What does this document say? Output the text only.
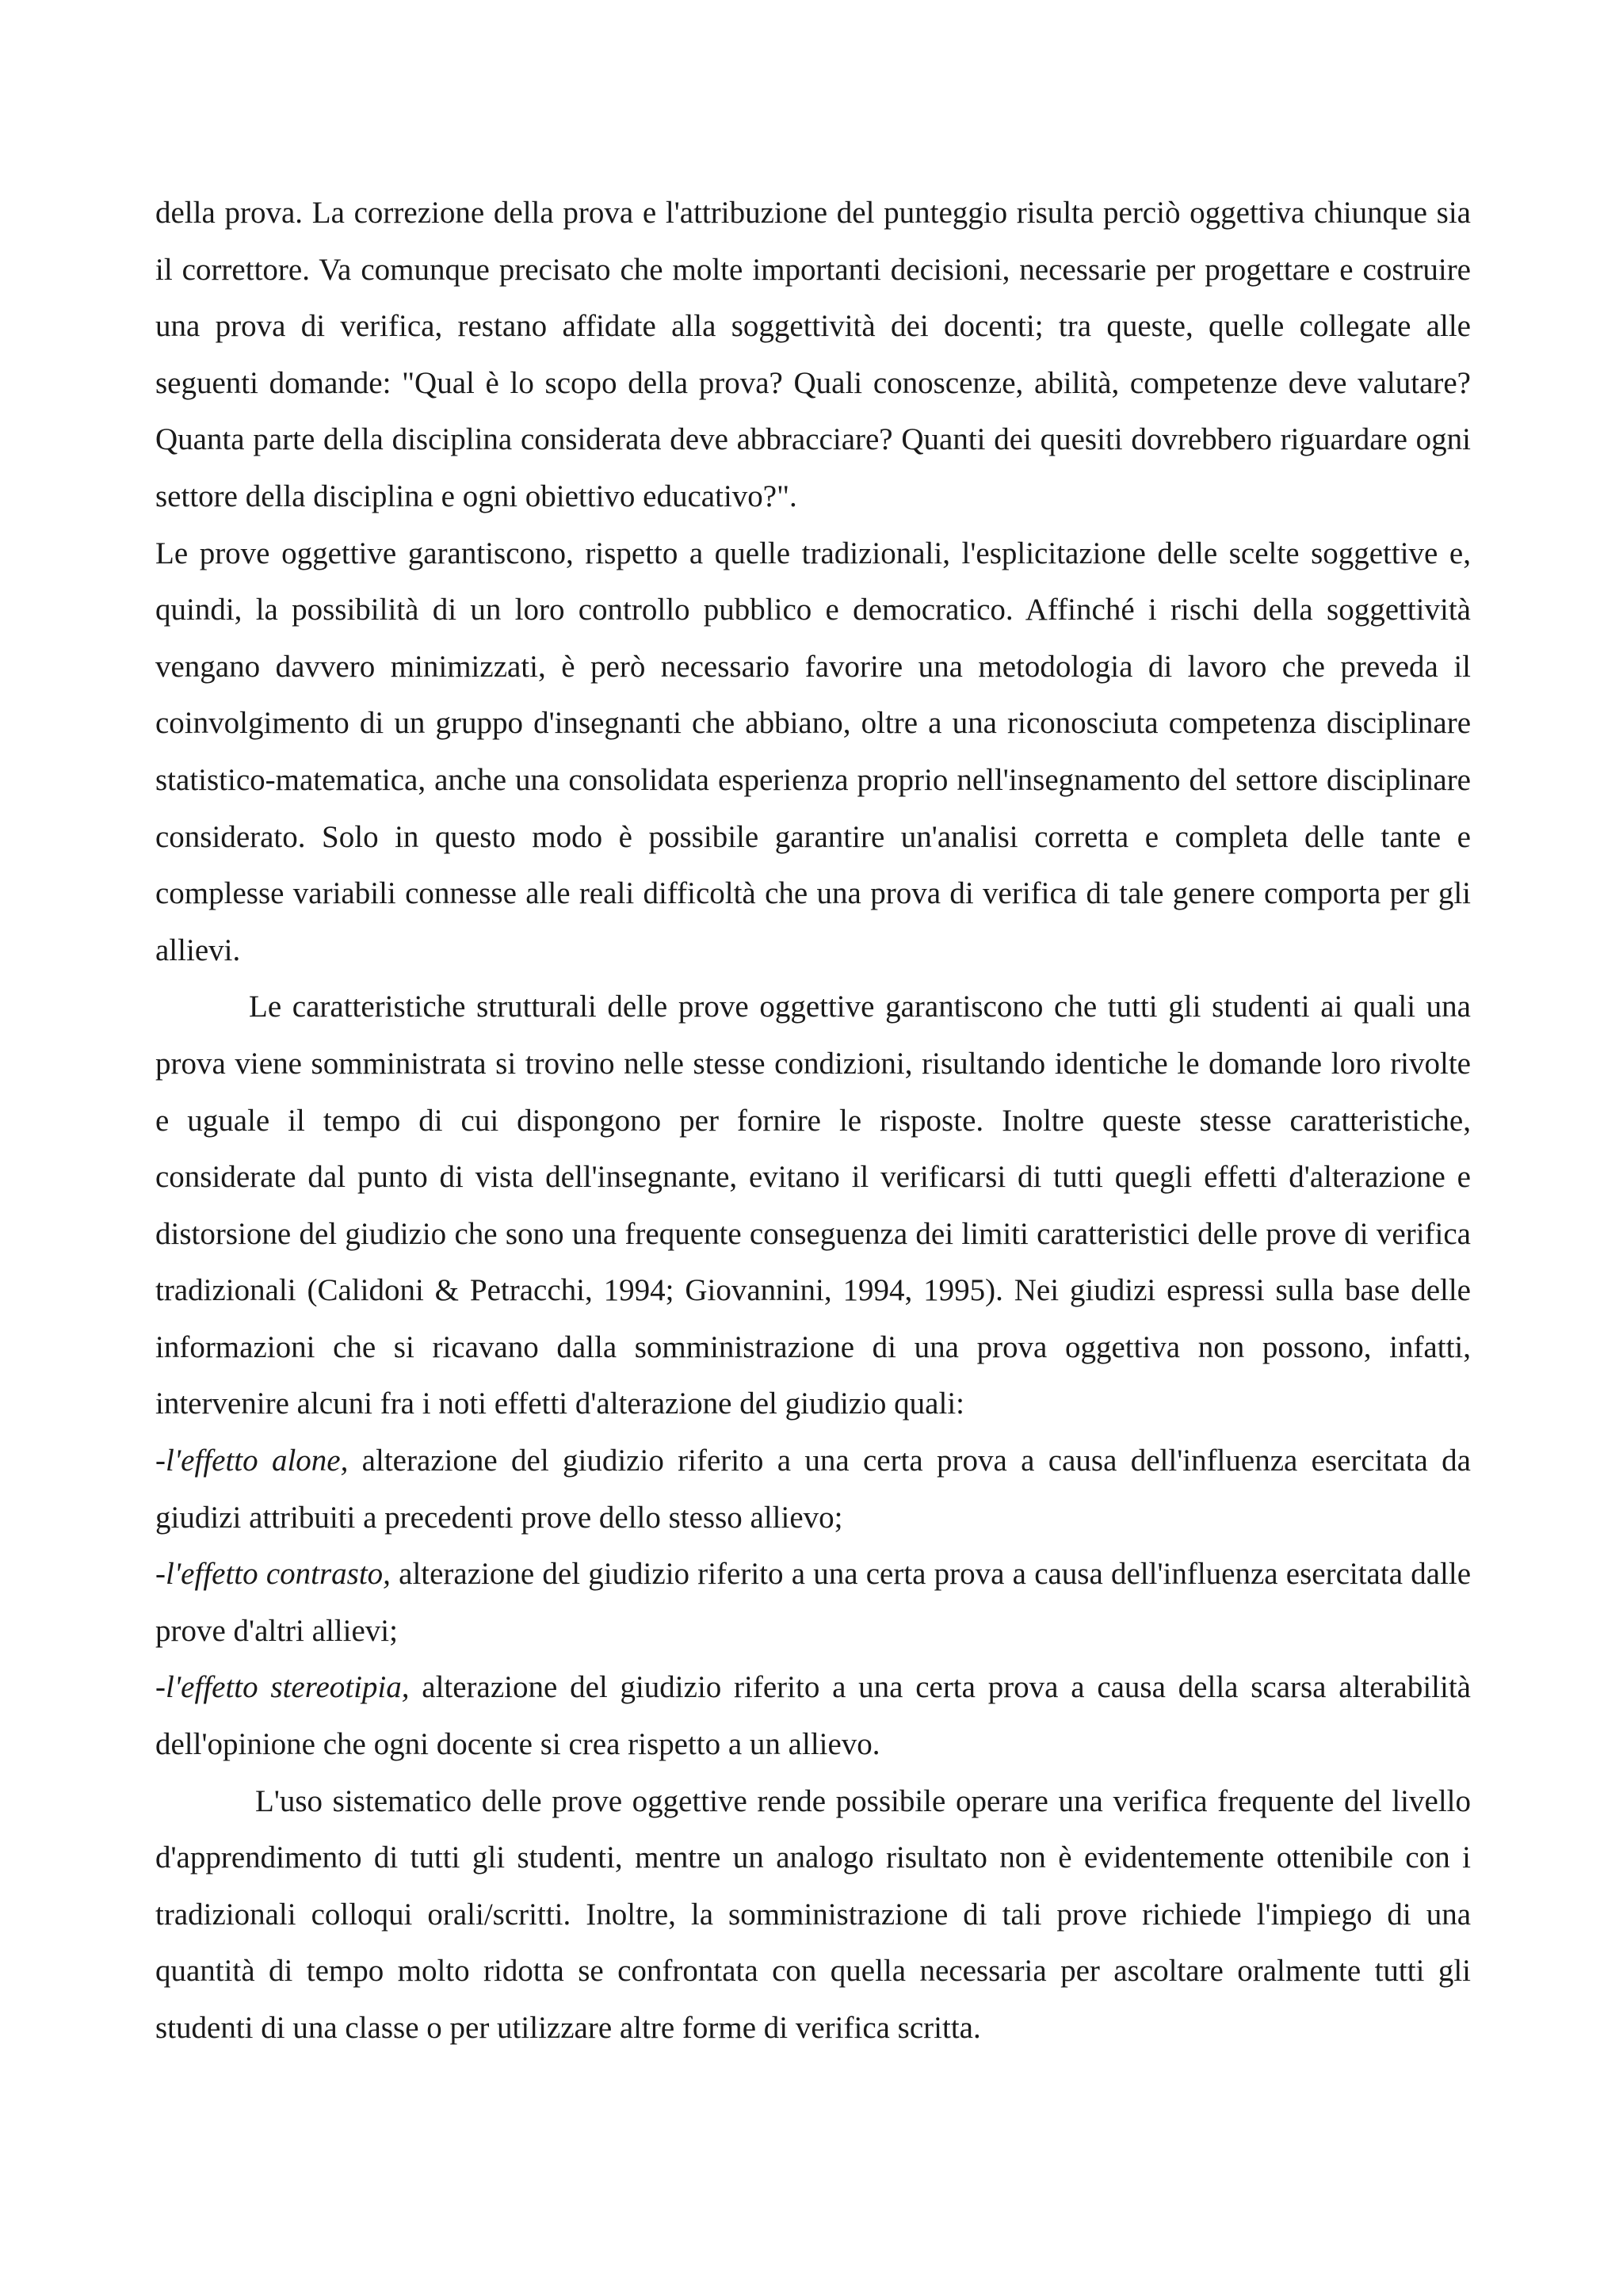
della prova. La correzione della prova e l'attribuzione del punteggio risulta perciò oggettiva chiunque sia il correttore. Va comunque precisato che molte importanti decisioni, necessarie per progettare e costruire una prova di verifica, restano affidate alla soggettività dei docenti; tra queste, quelle collegate alle seguenti domande: "Qual è lo scopo della prova? Quali conoscenze, abilità, competenze deve valutare? Quanta parte della disciplina considerata deve abbracciare? Quanti dei quesiti dovrebbero riguardare ogni settore della disciplina e ogni obiettivo educativo?".

Le prove oggettive garantiscono, rispetto a quelle tradizionali, l'esplicitazione delle scelte soggettive e, quindi, la possibilità di un loro controllo pubblico e democratico. Affinché i rischi della soggettività vengano davvero minimizzati, è però necessario favorire una metodologia di lavoro che preveda il coinvolgimento di un gruppo d'insegnanti che abbiano, oltre a una riconosciuta competenza disciplinare statistico-matematica, anche una consolidata esperienza proprio nell'insegnamento del settore disciplinare considerato. Solo in questo modo è possibile garantire un'analisi corretta e completa delle tante e complesse variabili connesse alle reali difficoltà che una prova di verifica di tale genere comporta per gli allievi.

Le caratteristiche strutturali delle prove oggettive garantiscono che tutti gli studenti ai quali una prova viene somministrata si trovino nelle stesse condizioni, risultando identiche le domande loro rivolte e uguale il tempo di cui dispongono per fornire le risposte. Inoltre queste stesse caratteristiche, considerate dal punto di vista dell'insegnante, evitano il verificarsi di tutti quegli effetti d'alterazione e distorsione del giudizio che sono una frequente conseguenza dei limiti caratteristici delle prove di verifica tradizionali (Calidoni & Petracchi, 1994; Giovannini, 1994, 1995). Nei giudizi espressi sulla base delle informazioni che si ricavano dalla somministrazione di una prova oggettiva non possono, infatti, intervenire alcuni fra i noti effetti d'alterazione del giudizio quali:

-l'effetto alone, alterazione del giudizio riferito a una certa prova a causa dell'influenza esercitata da giudizi attribuiti a precedenti prove dello stesso allievo;

-l'effetto contrasto, alterazione del giudizio riferito a una certa prova a causa dell'influenza esercitata dalle prove d'altri allievi;

-l'effetto stereotipia, alterazione del giudizio riferito a una certa prova a causa della scarsa alterabilità dell'opinione che ogni docente si crea rispetto a un allievo.

L'uso sistematico delle prove oggettive rende possibile operare una verifica frequente del livello d'apprendimento di tutti gli studenti, mentre un analogo risultato non è evidentemente ottenibile con i tradizionali colloqui orali/scritti. Inoltre, la somministrazione di tali prove richiede l'impiego di una quantità di tempo molto ridotta se confrontata con quella necessaria per ascoltare oralmente tutti gli studenti di una classe o per utilizzare altre forme di verifica scritta.
